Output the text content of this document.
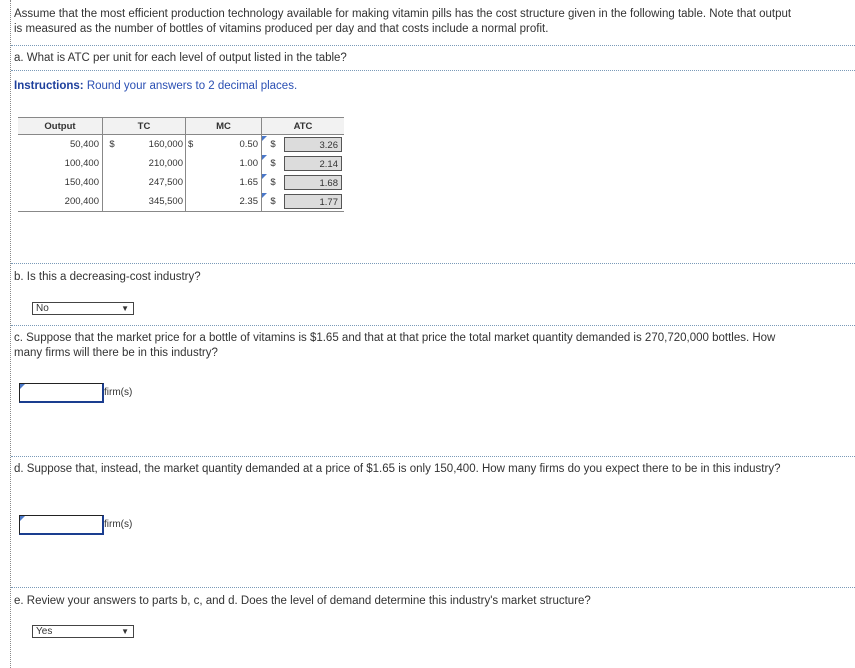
Assume that the most efficient production technology available for making vitamin pills has the cost structure given in the following table. Note that output is measured as the number of bottles of vitamins produced per day and that costs include a normal profit.
a. What is ATC per unit for each level of output listed in the table?
Instructions: Round your answers to 2 decimal places.
Output	TC		MC		ATC	
50,400	$	160,000	$	0.50	$	3.26

100,400		210,000		1.00	$	2.14

150,400		247,500		1.65	$	1.68

200,400		345,500		2.35	$	1.77
b. Is this a decreasing-cost industry?
No	▼
c. Suppose that the market price for a bottle of vitamins is $1.65 and that at that price the total market quantity demanded is 270,720,000 bottles. How many firms will there be in this industry?
firm(s)
d. Suppose that, instead, the market quantity demanded at a price of $1.65 is only 150,400. How many firms do you expect there to be in this industry?
firm(s)
e. Review your answers to parts b, c, and d. Does the level of demand determine this industry's market structure?
Yes	▼
